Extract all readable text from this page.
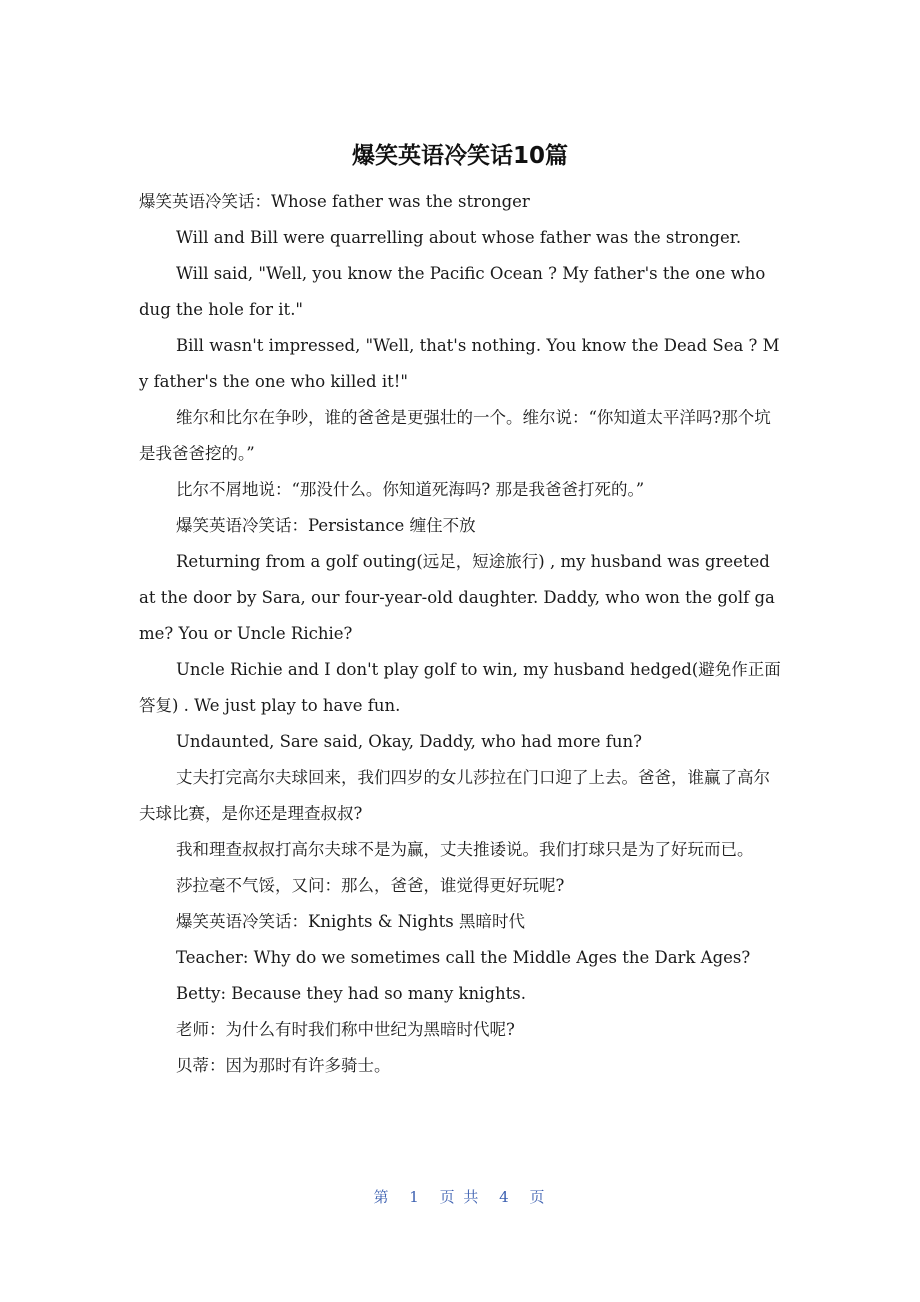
爆笑英语冷笑话10篇

爆笑英语冷笑话：Whose father was the stronger

Will and Bill were quarrelling about whose father was the stronger.

Will said, "Well, you know the Pacific Ocean ? My father's the one who dug the hole for it."

Bill wasn't impressed, "Well, that's nothing. You know the Dead Sea ? My father's the one who killed it!"

维尔和比尔在争吵，谁的爸爸是更强壮的一个。维尔说：“你知道太平洋吗?那个坑是我爸爸挖的。”

比尔不屑地说：“那没什么。你知道死海吗? 那是我爸爸打死的。”

爆笑英语冷笑话：Persistance 缠住不放

Returning from a golf outing(远足，短途旅行) , my husband was greeted at the door by Sara, our four-year-old daughter. Daddy, who won the golf game? You or Uncle Richie?

Uncle Richie and I don't play golf to win, my husband hedged(避免作正面答复) . We just play to have fun.

Undaunted, Sare said, Okay, Daddy, who had more fun?

丈夫打完高尔夫球回来，我们四岁的女儿莎拉在门口迎了上去。爸爸，谁赢了高尔夫球比赛，是你还是理查叔叔?

我和理查叔叔打高尔夫球不是为赢，丈夫推诿说。我们打球只是为了好玩而已。

莎拉毫不气馁，又问：那么，爸爸，谁觉得更好玩呢?

爆笑英语冷笑话：Knights & Nights 黑暗时代

Teacher: Why do we sometimes call the Middle Ages the Dark Ages?

Betty: Because they had so many knights.

老师：为什么有时我们称中世纪为黑暗时代呢?

贝蒂：因为那时有许多骑士。

第 1 页 共 4 页
